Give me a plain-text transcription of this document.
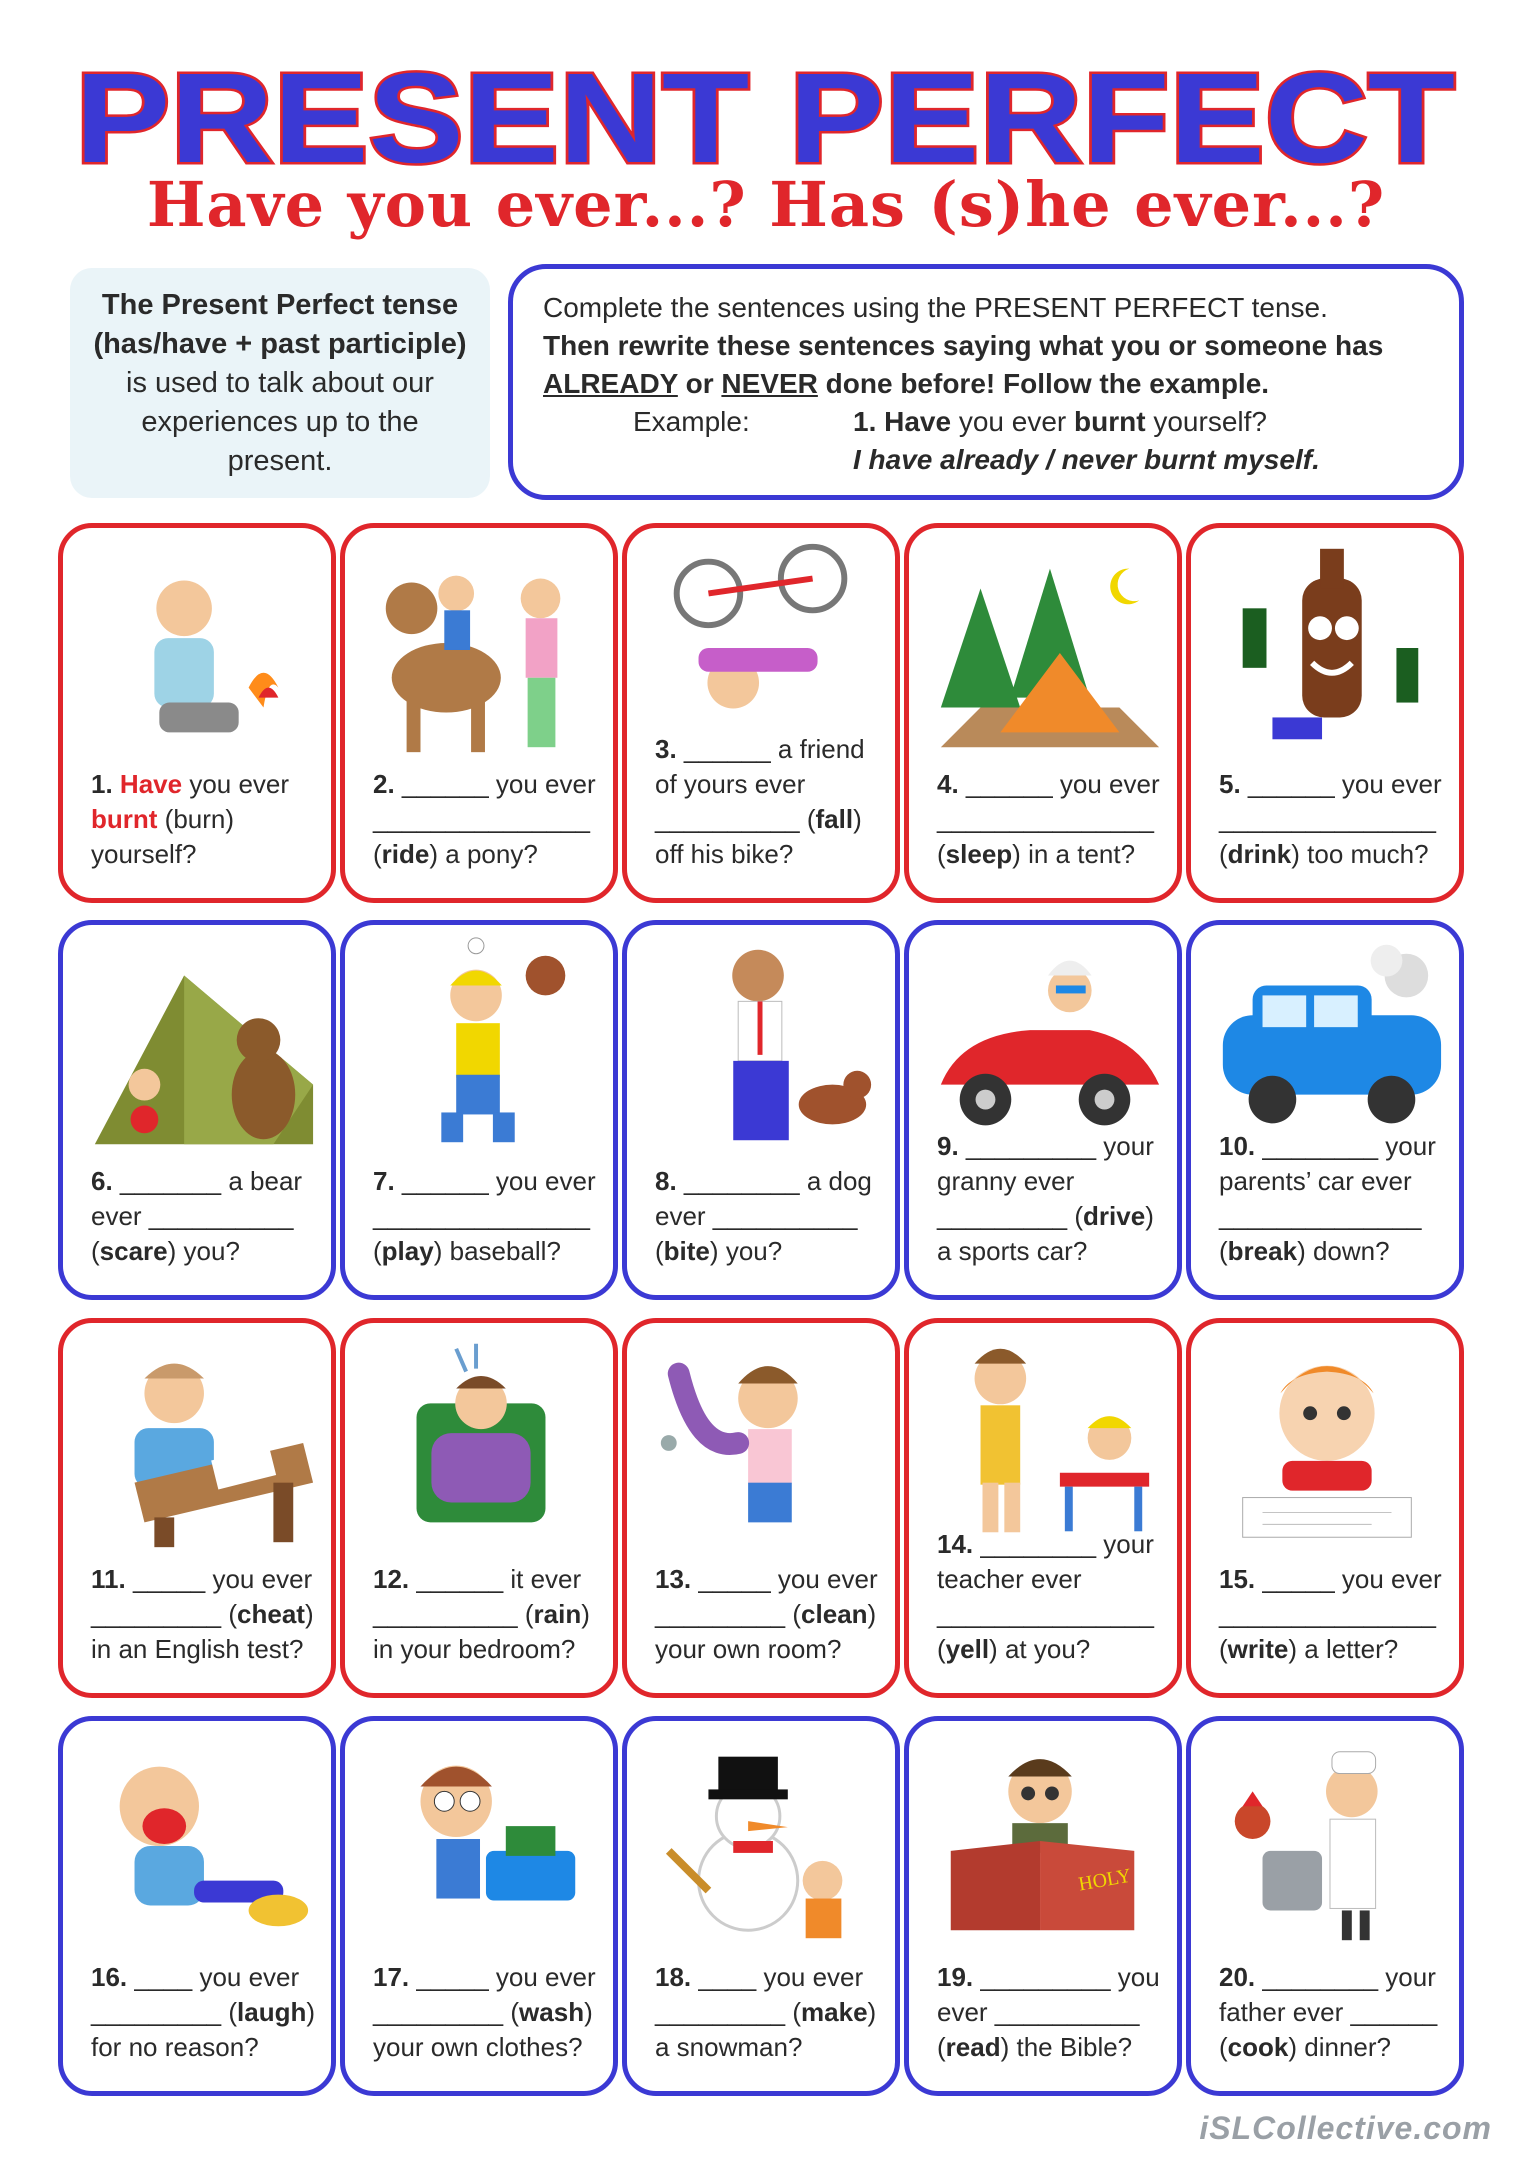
PRESENT PERFECT
Have you ever...? Has (s)he ever...?
The Present Perfect tense
(has/have + past participle)
is used to talk about our
experiences up to the
present.
Complete the sentences using the PRESENT PERFECT tense.
Then rewrite these sentences saying what you or someone has
ALREADY or NEVER done before! Follow the example.
Example:	1. Have you ever burnt yourself?
I have already / never burnt myself.
1. Have you ever
burnt (burn)
yourself?
2. ______ you ever
_______________
(ride) a pony?
3. ______ a friend
of yours ever
__________ (fall)
off his bike?
4. ______ you ever
_______________
(sleep) in a tent?
5. ______ you ever
_______________
(drink) too much?
6. _______ a bear
ever __________
(scare) you?
7. ______ you ever
_______________
(play) baseball?
8. ________ a dog
ever __________
(bite) you?
9. _________ your
granny ever
_________ (drive)
a sports car?
10. ________ your
parents’ car ever
______________
(break) down?
11. _____ you ever
_________ (cheat)
in an English test?
12. ______ it ever
__________ (rain)
in your bedroom?
13. _____ you ever
_________ (clean)
your own room?
14. ________ your
teacher ever
_______________
(yell) at you?
15. _____ you ever
_______________
(write) a letter?
16. ____ you ever
_________ (laugh)
for no reason?
17. _____ you ever
_________ (wash)
your own clothes?
18. ____ you ever
_________ (make)
a snowman?
HOLY
19. _________ you
ever __________
(read) the Bible?
20. ________ your
father ever ______
(cook) dinner?
iSLCollective.com
